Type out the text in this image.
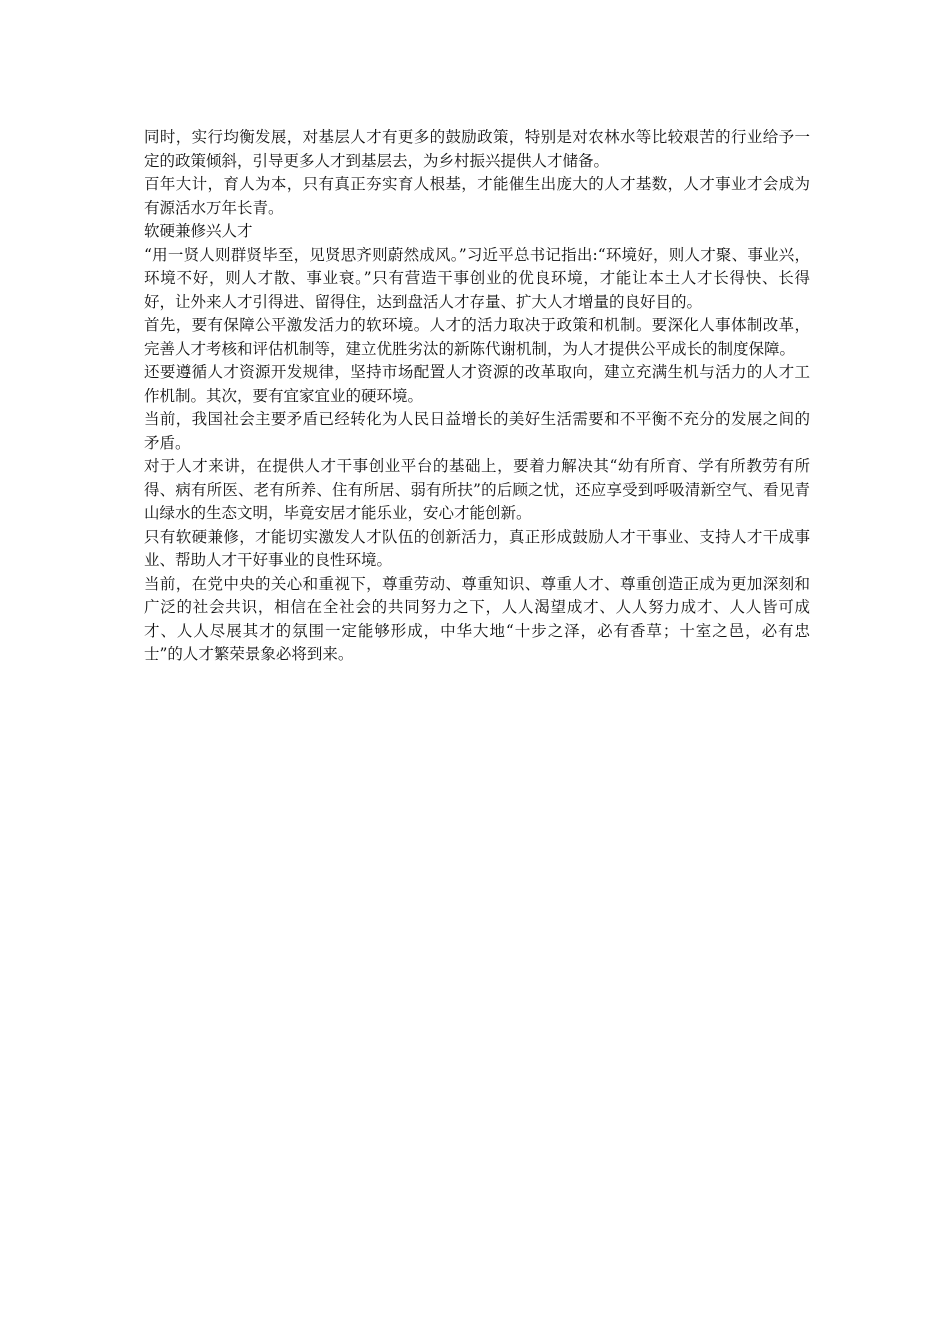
同时，实行均衡发展，对基层人才有更多的鼓励政策，特别是对农林水等比较艰苦的行业给予一定的政策倾斜，引导更多人才到基层去，为乡村振兴提供人才储备。

百年大计，育人为本，只有真正夯实育人根基，才能催生出庞大的人才基数，人才事业才会成为有源活水万年长青。

软硬兼修兴人才

“用一贤人则群贤毕至，见贤思齐则蔚然成风。”习近平总书记指出:“环境好，则人才聚、事业兴，环境不好，则人才散、事业衰。”只有营造干事创业的优良环境，才能让本土人才长得快、长得好，让外来人才引得进、留得住，达到盘活人才存量、扩大人才增量的良好目的。

首先，要有保障公平激发活力的软环境。人才的活力取决于政策和机制。要深化人事体制改革，完善人才考核和评估机制等，建立优胜劣汰的新陈代谢机制，为人才提供公平成长的制度保障。

还要遵循人才资源开发规律，坚持市场配置人才资源的改革取向，建立充满生机与活力的人才工作机制。其次，要有宜家宜业的硬环境。

当前，我国社会主要矛盾已经转化为人民日益增长的美好生活需要和不平衡不充分的发展之间的矛盾。

对于人才来讲，在提供人才干事创业平台的基础上，要着力解决其“幼有所育、学有所教劳有所得、病有所医、老有所养、住有所居、弱有所扶”的后顾之忧，还应享受到呼吸清新空气、看见青山绿水的生态文明，毕竟安居才能乐业，安心才能创新。

只有软硬兼修，才能切实激发人才队伍的创新活力，真正形成鼓励人才干事业、支持人才干成事业、帮助人才干好事业的良性环境。

当前，在党中央的关心和重视下，尊重劳动、尊重知识、尊重人才、尊重创造正成为更加深刻和广泛的社会共识，相信在全社会的共同努力之下，人人渴望成才、人人努力成才、人人皆可成才、人人尽展其才的氛围一定能够形成，中华大地“十步之泽，必有香草；十室之邑，必有忠士”的人才繁荣景象必将到来。
